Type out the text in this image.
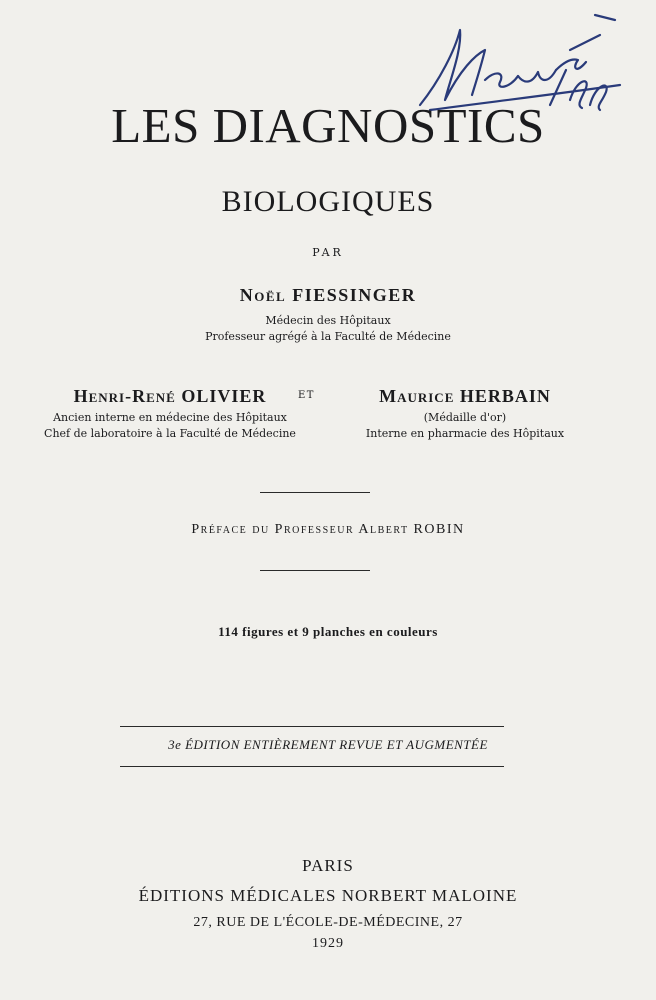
LES DIAGNOSTICS
BIOLOGIQUES
PAR
Noël FIESSINGER
Médecin des Hôpitaux
Professeur agrégé à la Faculté de Médecine
Henri-René OLIVIER
Ancien interne en médecine des Hôpitaux
Chef de laboratoire à la Faculté de Médecine
ET	Maurice HERBAIN
(Médaille d'or)
Interne en pharmacie des Hôpitaux
Préface du Professeur Albert ROBIN
114 figures et 9 planches en couleurs
3e ÉDITION ENTIÈREMENT REVUE ET AUGMENTÉE
PARIS
ÉDITIONS MÉDICALES NORBERT MALOINE
27, RUE DE L'ÉCOLE-DE-MÉDECINE, 27
1929
